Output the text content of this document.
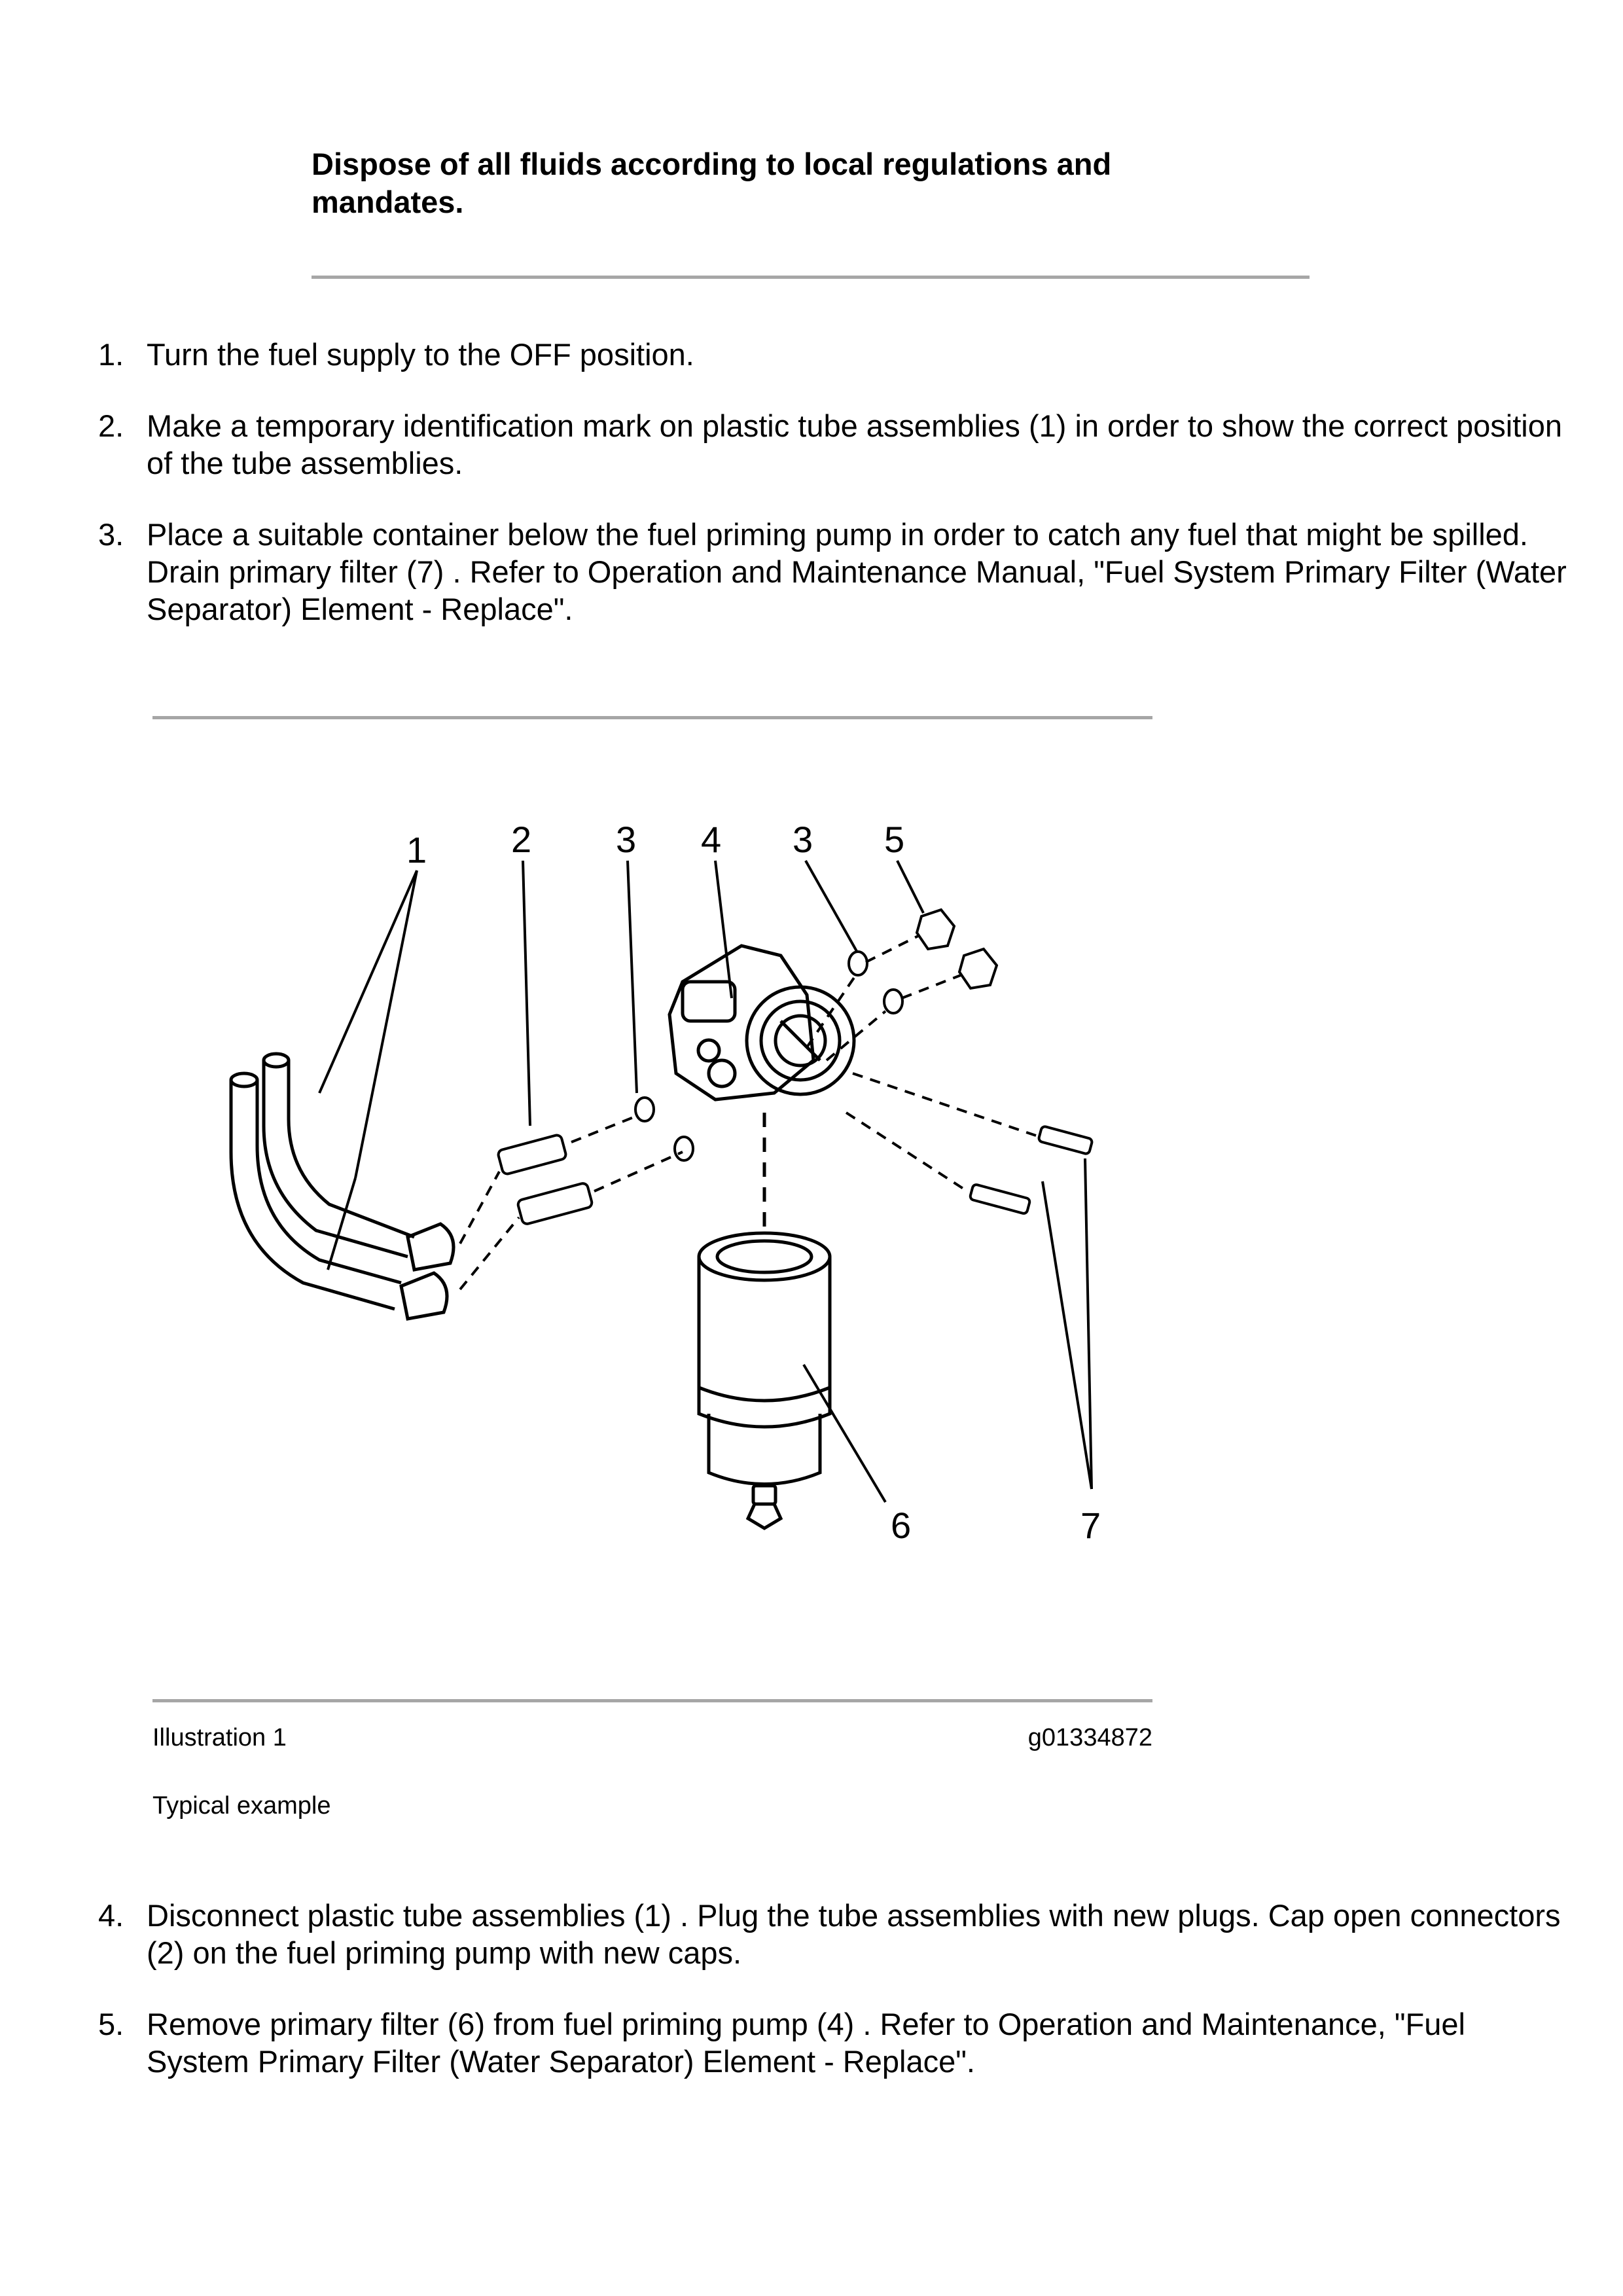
Dispose of all fluids according to local regulations and mandates.
1. Turn the fuel supply to the OFF position.
2. Make a temporary identification mark on plastic tube assemblies (1) in order to show the correct position of the tube assemblies.
3. Place a suitable container below the fuel priming pump in order to catch any fuel that might be spilled. Drain primary filter (7) . Refer to Operation and Maintenance Manual, "Fuel System Primary Filter (Water Separator) Element - Replace".
1 2 3 4 3 5
6	7
Illustration 1	g01334872
Typical example
4. Disconnect plastic tube assemblies (1) . Plug the tube assemblies with new plugs. Cap open connectors (2) on the fuel priming pump with new caps.
5. Remove primary filter (6) from fuel priming pump (4) . Refer to Operation and Maintenance, "Fuel System Primary Filter (Water Separator) Element - Replace".
